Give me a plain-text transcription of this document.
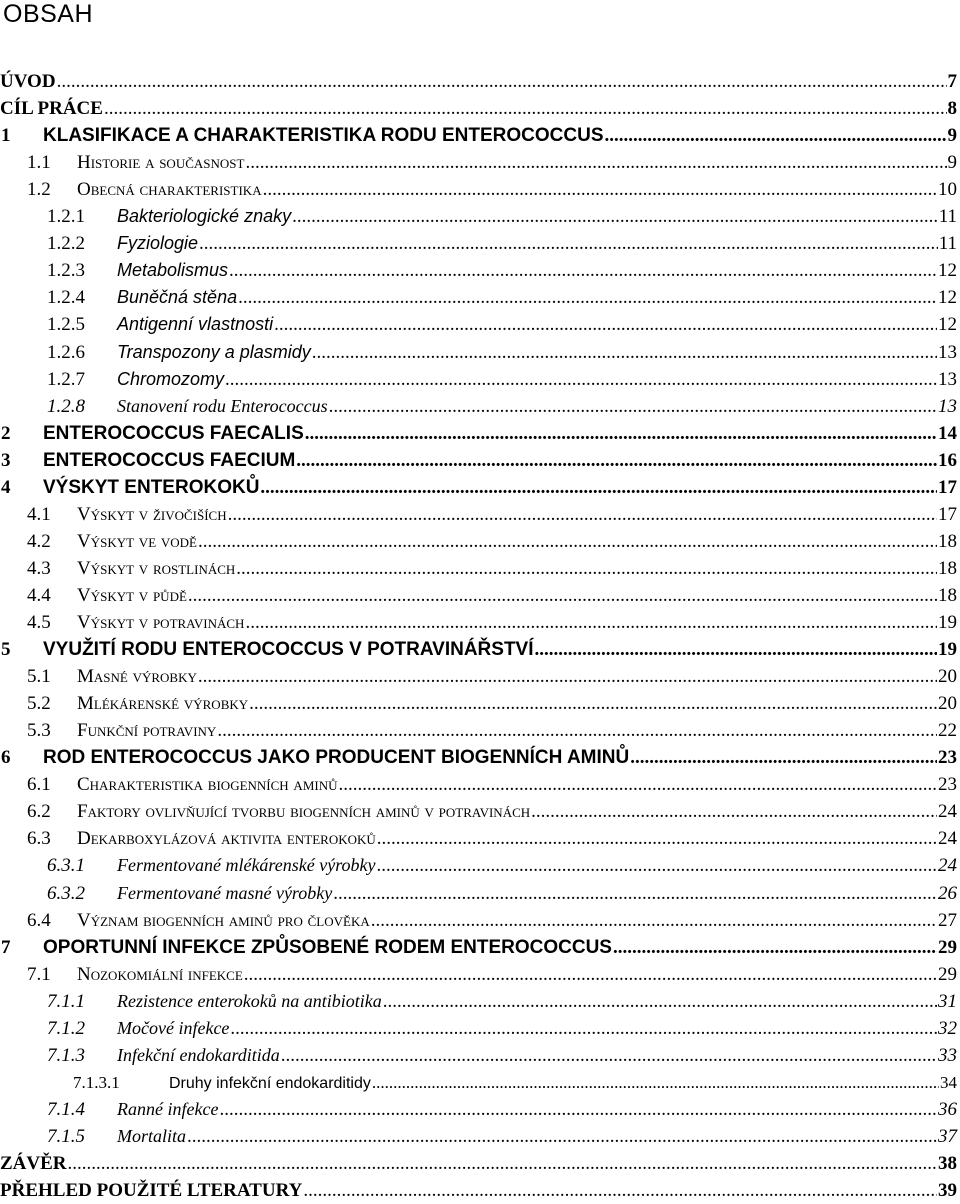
OBSAH
ÚVOD .....	7
CÍL PRÁCE .....	8
1	KLASIFIKACE A CHARAKTERISTIKA RODU ENTEROCOCCUS .....	9
1.1	Historie a současnost .....	9
1.2	Obecná charakteristika .....	10
1.2.1	Bakteriologické znaky .....	11
1.2.2	Fyziologie .....	11
1.2.3	Metabolismus .....	12
1.2.4	Buněčná stěna .....	12
1.2.5	Antigenní vlastnosti .....	12
1.2.6	Transpozony a plasmidy .....	13
1.2.7	Chromozomy .....	13
1.2.8	Stanovení rodu Enterococcus .....	13
2	ENTEROCOCCUS FAECALIS .....	14
3	ENTEROCOCCUS FAECIUM .....	16
4	VÝSKYT ENTEROKOKŮ .....	17
4.1	Výskyt v živočiších .....	17
4.2	Výskyt ve vodě .....	18
4.3	Výskyt v rostlinách .....	18
4.4	Výskyt v půdě .....	18
4.5	Výskyt v potravinách .....	19
5	VYUŽITÍ RODU ENTEROCOCCUS V POTRAVINÁŘSTVÍ .....	19
5.1	Masné výrobky .....	20
5.2	Mlékárenské výrobky .....	20
5.3	Funkční potraviny .....	22
6	ROD ENTEROCOCCUS JAKO PRODUCENT BIOGENNÍCH AMINŮ .....	23
6.1	Charakteristika biogenních aminů .....	23
6.2	Faktory ovlivňující tvorbu biogenních aminů v potravinách .....	24
6.3	Dekarboxylázová aktivita enterokoků .....	24
6.3.1	Fermentované mlékárenské výrobky .....	24
6.3.2	Fermentované masné výrobky .....	26
6.4	Význam biogenních aminů pro člověka .....	27
7	OPORTUNNÍ INFEKCE ZPŮSOBENÉ RODEM ENTEROCOCCUS .....	29
7.1	Nozokomiální infekce .....	29
7.1.1	Rezistence enterokoků na antibiotika .....	31
7.1.2	Močové infekce .....	32
7.1.3	Infekční endokarditida .....	33
7.1.3.1	Druhy infekční endokarditidy .....	34
7.1.4	Ranné infekce .....	36
7.1.5	Mortalita .....	37
ZÁVĚR .....	38
PŘEHLED POUŽITÉ LTERATURY .....	39
